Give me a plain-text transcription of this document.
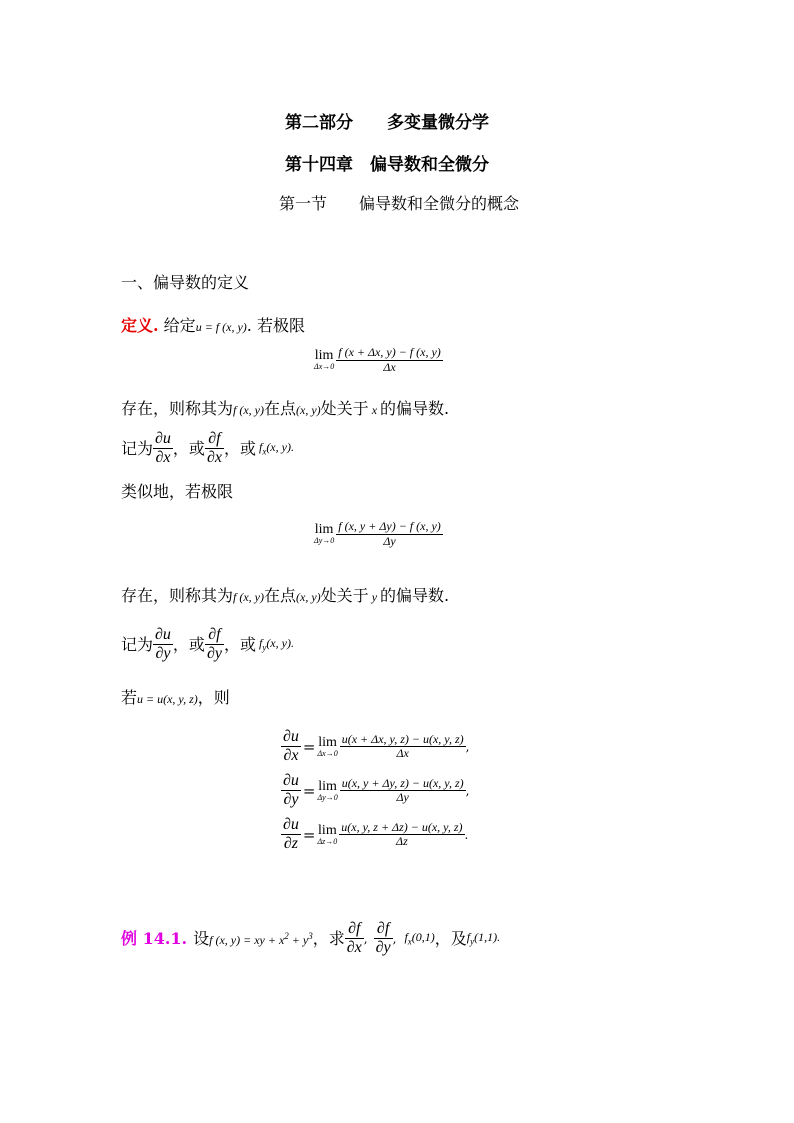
第二部分　　多变量微分学
第十四章　偏导数和全微分
第一节　　偏导数和全微分的概念
一、偏导数的定义
定义. 给定u = f (x, y). 若极限
lim
$\Delta x\to 0 \frac{f (x + \Delta x, y) - f (x, y)}{\Delta x}$
存在，则称其为f (x, y)在点(x, y)处关于 x 的偏导数.
记为 $\frac{\partial u}{\partial x}$ ，或 $\frac{\partial f}{\partial x}$ ，或 $f_x(x$, y).
类似地，若极限
lim
$\Delta y\to 0 \frac{f (x, y + \Delta y) - f (x, y)}{\Delta y}$
存在，则称其为f (x, y)在点(x, y)处关于 y 的偏导数.
记为 $\frac{\partial u}{\partial y}$ ，或 $\frac{\partial f}{\partial y}$ ，或 $f_y(x$, y).
若u = u(x, y, z)，则
$\frac{\partial u}{\partial x} = \lim$
$\Delta x\to 0 \frac{u(x + \Delta x, y, z) - u(x, y, z)}{\Delta x}$ ,
$\frac{\partial u}{\partial y} = \lim$
$\Delta y\to 0 \frac{u(x, y + \Delta y, z) - u(x, y, z)}{\Delta y}$ ,
$\frac{\partial u}{\partial z} = \lim$
$\Delta z\to 0 \frac{u(x, y, z + \Delta z) - u(x, y, z)}{\Delta z}$ .
例 14.1. 设 f (x, y) = xy + $x^2 + y^3$ ，求 $\frac{\partial f}{\partial x}$ , $\frac{\partial f}{\partial y}$ , $f_x(0,1)$ ，及 $f_y(1,1)$.
